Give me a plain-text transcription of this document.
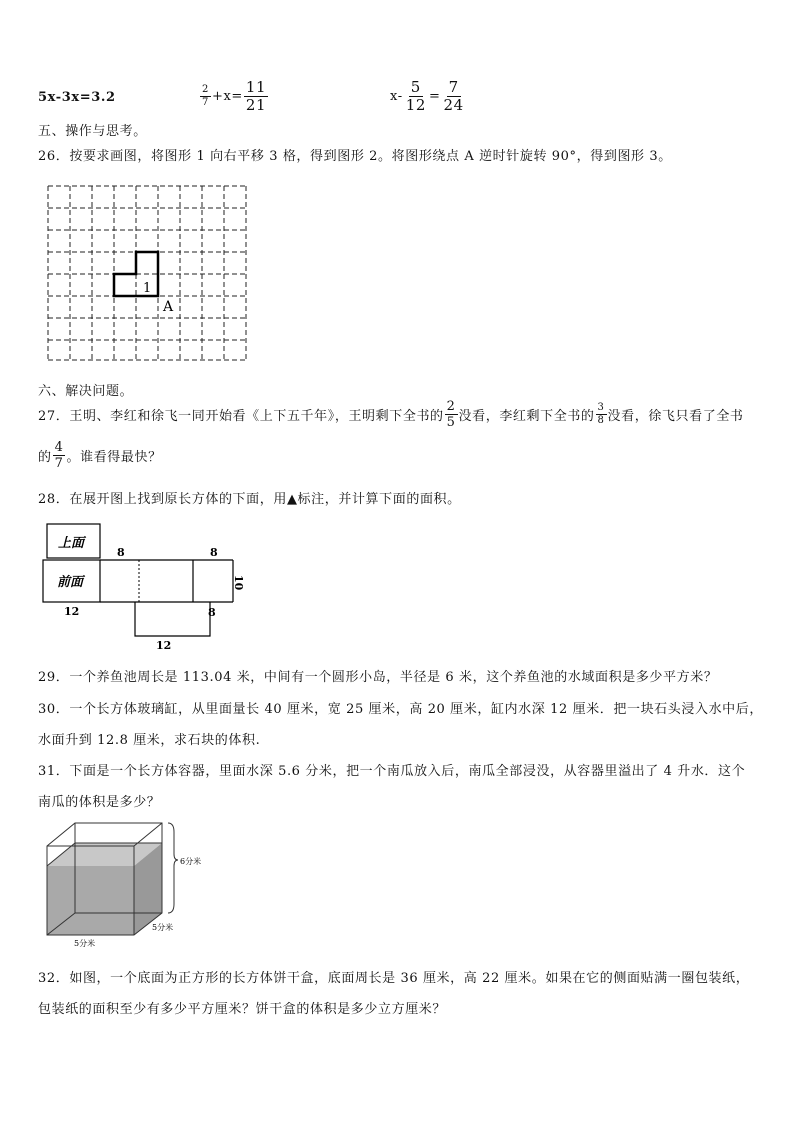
5x-3x=3.2	$\frac{2}{7} +x= \frac{11}{21}$	$x- \frac{5}{12} = \frac{7}{24}$
五、操作与思考。
26．按要求画图，将图形 1 向右平移 3 格，得到图形 2。将图形绕点 A 逆时针旋转 90°，得到图形 3。
1
A
六、解决问题。
27．王明、李红和徐飞一同开始看《上下五千年》，王明剩下全书的 $\frac{2}{5}$ 没看，李红剩下全书的 $\frac{3}{8}$ 没看，徐飞只看了全书
的 $\frac{4}{7}$ 。谁看得最快？
28．在展开图上找到原长方体的下面，用▲标注，并计算下面的面积。
上面
前面
8	8
10
12	8
12
29．一个养鱼池周长是 113.04 米，中间有一个圆形小岛，半径是 6 米，这个养鱼池的水域面积是多少平方米？
30．一个长方体玻璃缸，从里面量长 40 厘米，宽 25 厘米，高 20 厘米，缸内水深 12 厘米．把一块石头浸入水中后，
水面升到 12.8 厘米，求石块的体积.
31．下面是一个长方体容器，里面水深 5.6 分米，把一个南瓜放入后，南瓜全部浸没，从容器里溢出了 4 升水．这个
南瓜的体积是多少？
6分米
5分米
5分米
32．如图，一个底面为正方形的长方体饼干盒，底面周长是 36 厘米，高 22 厘米。如果在它的侧面贴满一圈包装纸，
包装纸的面积至少有多少平方厘米？饼干盒的体积是多少立方厘米？
